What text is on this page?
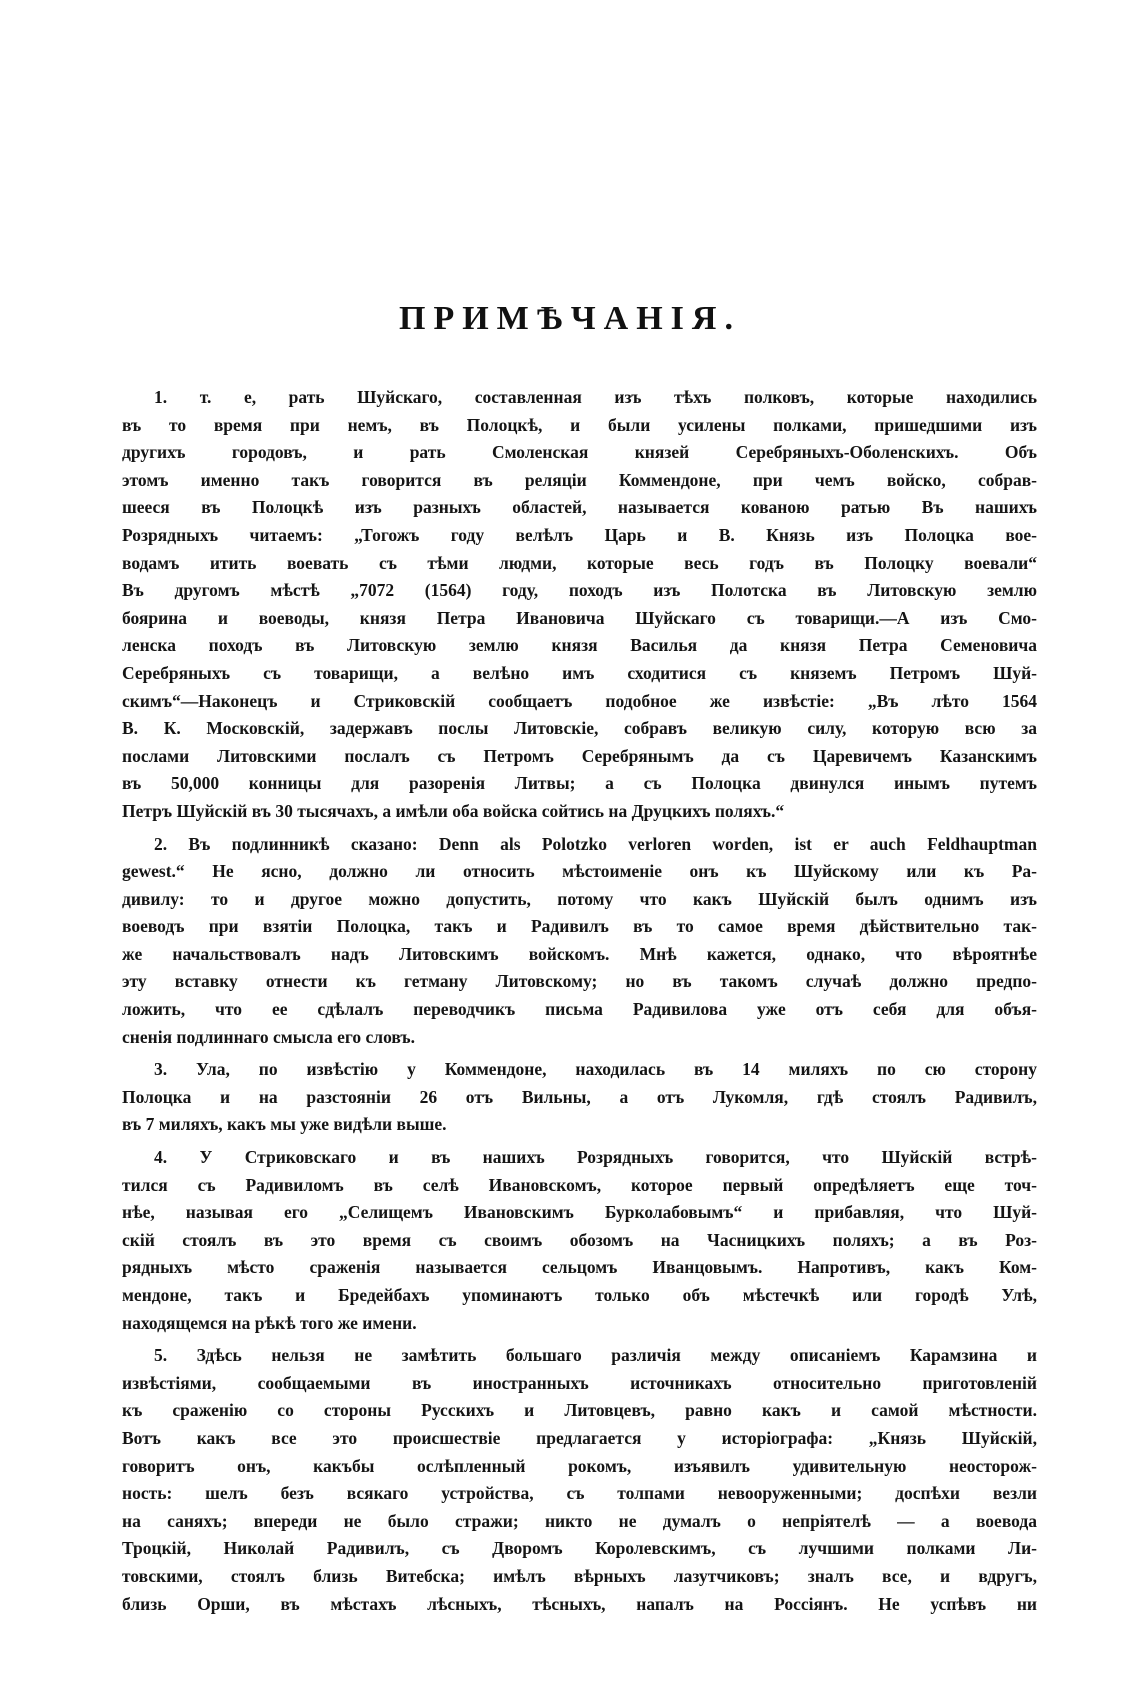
ПРИМѢЧАНІЯ.
1. т. е, рать Шуйскаго, составленная изъ тѣхъ полковъ, которые находились
въ то время при немъ, въ Полоцкѣ, и были усилены полками, пришедшими изъ
другихъ городовъ, и рать Смоленская князей Серебряныхъ-Оболенскихъ. Объ
этомъ именно такъ говорится въ реляціи Коммендоне, при чемъ войско, собрав-
шееся въ Полоцкѣ изъ разныхъ областей, называется кованою ратью Въ нашихъ
Розрядныхъ читаемъ: „Тогожъ году велѣлъ Царь и В. Князь изъ Полоцка вое-
водамъ итить воевать съ тѣми людми, которые весь годъ въ Полоцку воевали“
Въ другомъ мѣстѣ „7072 (1564) году, походъ изъ Полотска въ Литовскую землю
боярина и воеводы, князя Петра Ивановича Шуйскаго съ товарищи.—А изъ Смо-
ленска походъ въ Литовскую землю князя Василья да князя Петра Семеновича
Серебряныхъ съ товарищи, а велѣно имъ сходитися съ княземъ Петромъ Шуй-
скимъ“—Наконецъ и Стриковскій сообщаетъ подобное же извѣстіе: „Въ лѣто 1564
В. К. Московскій, задержавъ послы Литовскіе, собравъ великую силу, которую всю за
послами Литовскими послалъ съ Петромъ Серебрянымъ да съ Царевичемъ Казанскимъ
въ 50,000 конницы для разоренія Литвы; а съ Полоцка двинулся инымъ путемъ
Петръ Шуйскій въ 30 тысячахъ, а имѣли оба войска сойтись на Друцкихъ поляхъ.“
2. Въ подлинникѣ сказано: Denn als Polotzko verloren worden, ist er auch Feldhauptman
gewest.“ Не ясно, должно ли относить мѣстоименіе онъ къ Шуйскому или къ Ра-
дивилу: то и другое можно допустить, потому что какъ Шуйскій былъ однимъ изъ
воеводъ при взятіи Полоцка, такъ и Радивилъ въ то самое время дѣйствительно так-
же начальствовалъ надъ Литовскимъ войскомъ. Мнѣ кажется, однако, что вѣроятнѣе
эту вставку отнести къ гетману Литовскому; но въ такомъ случаѣ должно предпо-
ложить, что ее сдѣлалъ переводчикъ письма Радивилова уже отъ себя для объя-
сненія подлиннаго смысла его словъ.
3. Ула, по извѣстію у Коммендоне, находилась въ 14 миляхъ по сю сторону
Полоцка и на разстояніи 26 отъ Вильны, а отъ Лукомля, гдѣ стоялъ Радивилъ,
въ 7 миляхъ, какъ мы уже видѣли выше.
4. У Стриковскаго и въ нашихъ Розрядныхъ говорится, что Шуйскій встрѣ-
тился съ Радивиломъ въ селѣ Ивановскомъ, которое первый опредѣляетъ еще точ-
нѣе, называя его „Селищемъ Ивановскимъ Бурколабовымъ“ и прибавляя, что Шуй-
скій стоялъ въ это время съ своимъ обозомъ на Часницкихъ поляхъ; а въ Роз-
рядныхъ мѣсто сраженія называется сельцомъ Иванцовымъ. Напротивъ, какъ Ком-
мендоне, такъ и Бредейбахъ упоминаютъ только объ мѣстечкѣ или городѣ Улѣ,
находящемся на рѣкѣ того же имени.
5. Здѣсь нельзя не замѣтить большаго различія между описаніемъ Карамзина и
извѣстіями, сообщаемыми въ иностранныхъ источникахъ относительно приготовленій
къ сраженію со стороны Русскихъ и Литовцевъ, равно какъ и самой мѣстности.
Вотъ какъ все это происшествіе предлагается у исторіографа: „Князь Шуйскій,
говоритъ онъ, какъбы ослѣпленный рокомъ, изъявилъ удивительную неосторож-
ность: шелъ безъ всякаго устройства, съ толпами невооруженными; доспѣхи везли
на саняхъ; впереди не было стражи; никто не думалъ о непріятелѣ — а воевода
Троцкій, Николай Радивилъ, съ Дворомъ Королевскимъ, съ лучшими полками Ли-
товскими, стоялъ близь Витебска; имѣлъ вѣрныхъ лазутчиковъ; зналъ все, и вдругъ,
близь Орши, въ мѣстахъ лѣсныхъ, тѣсныхъ, напалъ на Россіянъ. Не успѣвъ ни
